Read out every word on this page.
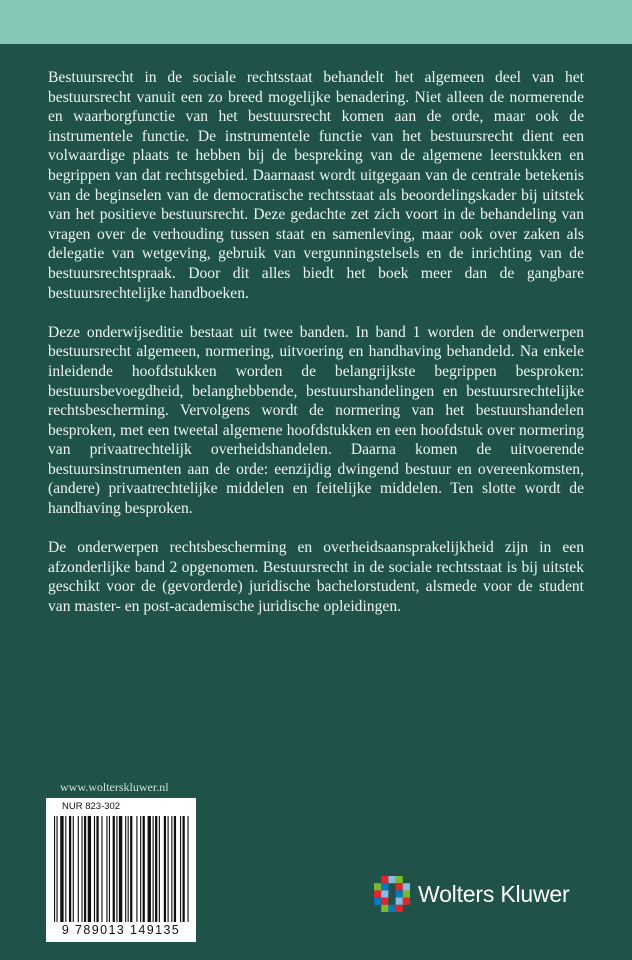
Bestuursrecht in de sociale rechtsstaat behandelt het algemeen deel van het bestuursrecht vanuit een zo breed mogelijke benadering. Niet alleen de normerende en waarborgfunctie van het bestuursrecht komen aan de orde, maar ook de instrumentele functie. De instrumentele functie van het bestuursrecht dient een volwaardige plaats te hebben bij de bespreking van de algemene leerstukken en begrippen van dat rechtsgebied. Daarnaast wordt uitgegaan van de centrale betekenis van de beginselen van de democratische rechtsstaat als beoordelingskader bij uitstek van het positieve bestuursrecht. Deze gedachte zet zich voort in de behandeling van vragen over de verhouding tussen staat en samenleving, maar ook over zaken als delegatie van wetgeving, gebruik van vergunningstelsels en de inrichting van de bestuursrechtspraak. Door dit alles biedt het boek meer dan de gangbare bestuursrechtelijke handboeken.

Deze onderwijseditie bestaat uit twee banden. In band 1 worden de onderwerpen bestuursrecht algemeen, normering, uitvoering en handhaving behandeld. Na enkele inleidende hoofdstukken worden de belangrijkste begrippen besproken: bestuursbevoegdheid, belanghebbende, bestuurshandelingen en bestuursrechtelijke rechtsbescherming. Vervolgens wordt de normering van het bestuurshandelen besproken, met een tweetal algemene hoofdstukken en een hoofdstuk over normering van privaatrechtelijk overheidshandelen. Daarna komen de uitvoerende bestuursinstrumenten aan de orde: eenzijdig dwingend bestuur en overeenkomsten, (andere) privaatrechtelijke middelen en feitelijke middelen. Ten slotte wordt de handhaving besproken.

De onderwerpen rechtsbescherming en overheidsaansprakelijkheid zijn in een afzonderlijke band 2 opgenomen. Bestuursrecht in de sociale rechtsstaat is bij uitstek geschikt voor de (gevorderde) juridische bachelorstudent, alsmede voor de student van master- en post-academische juridische opleidingen.

www.wolterskluwer.nl
NUR 823-302
9 789013 149135
Wolters Kluwer
